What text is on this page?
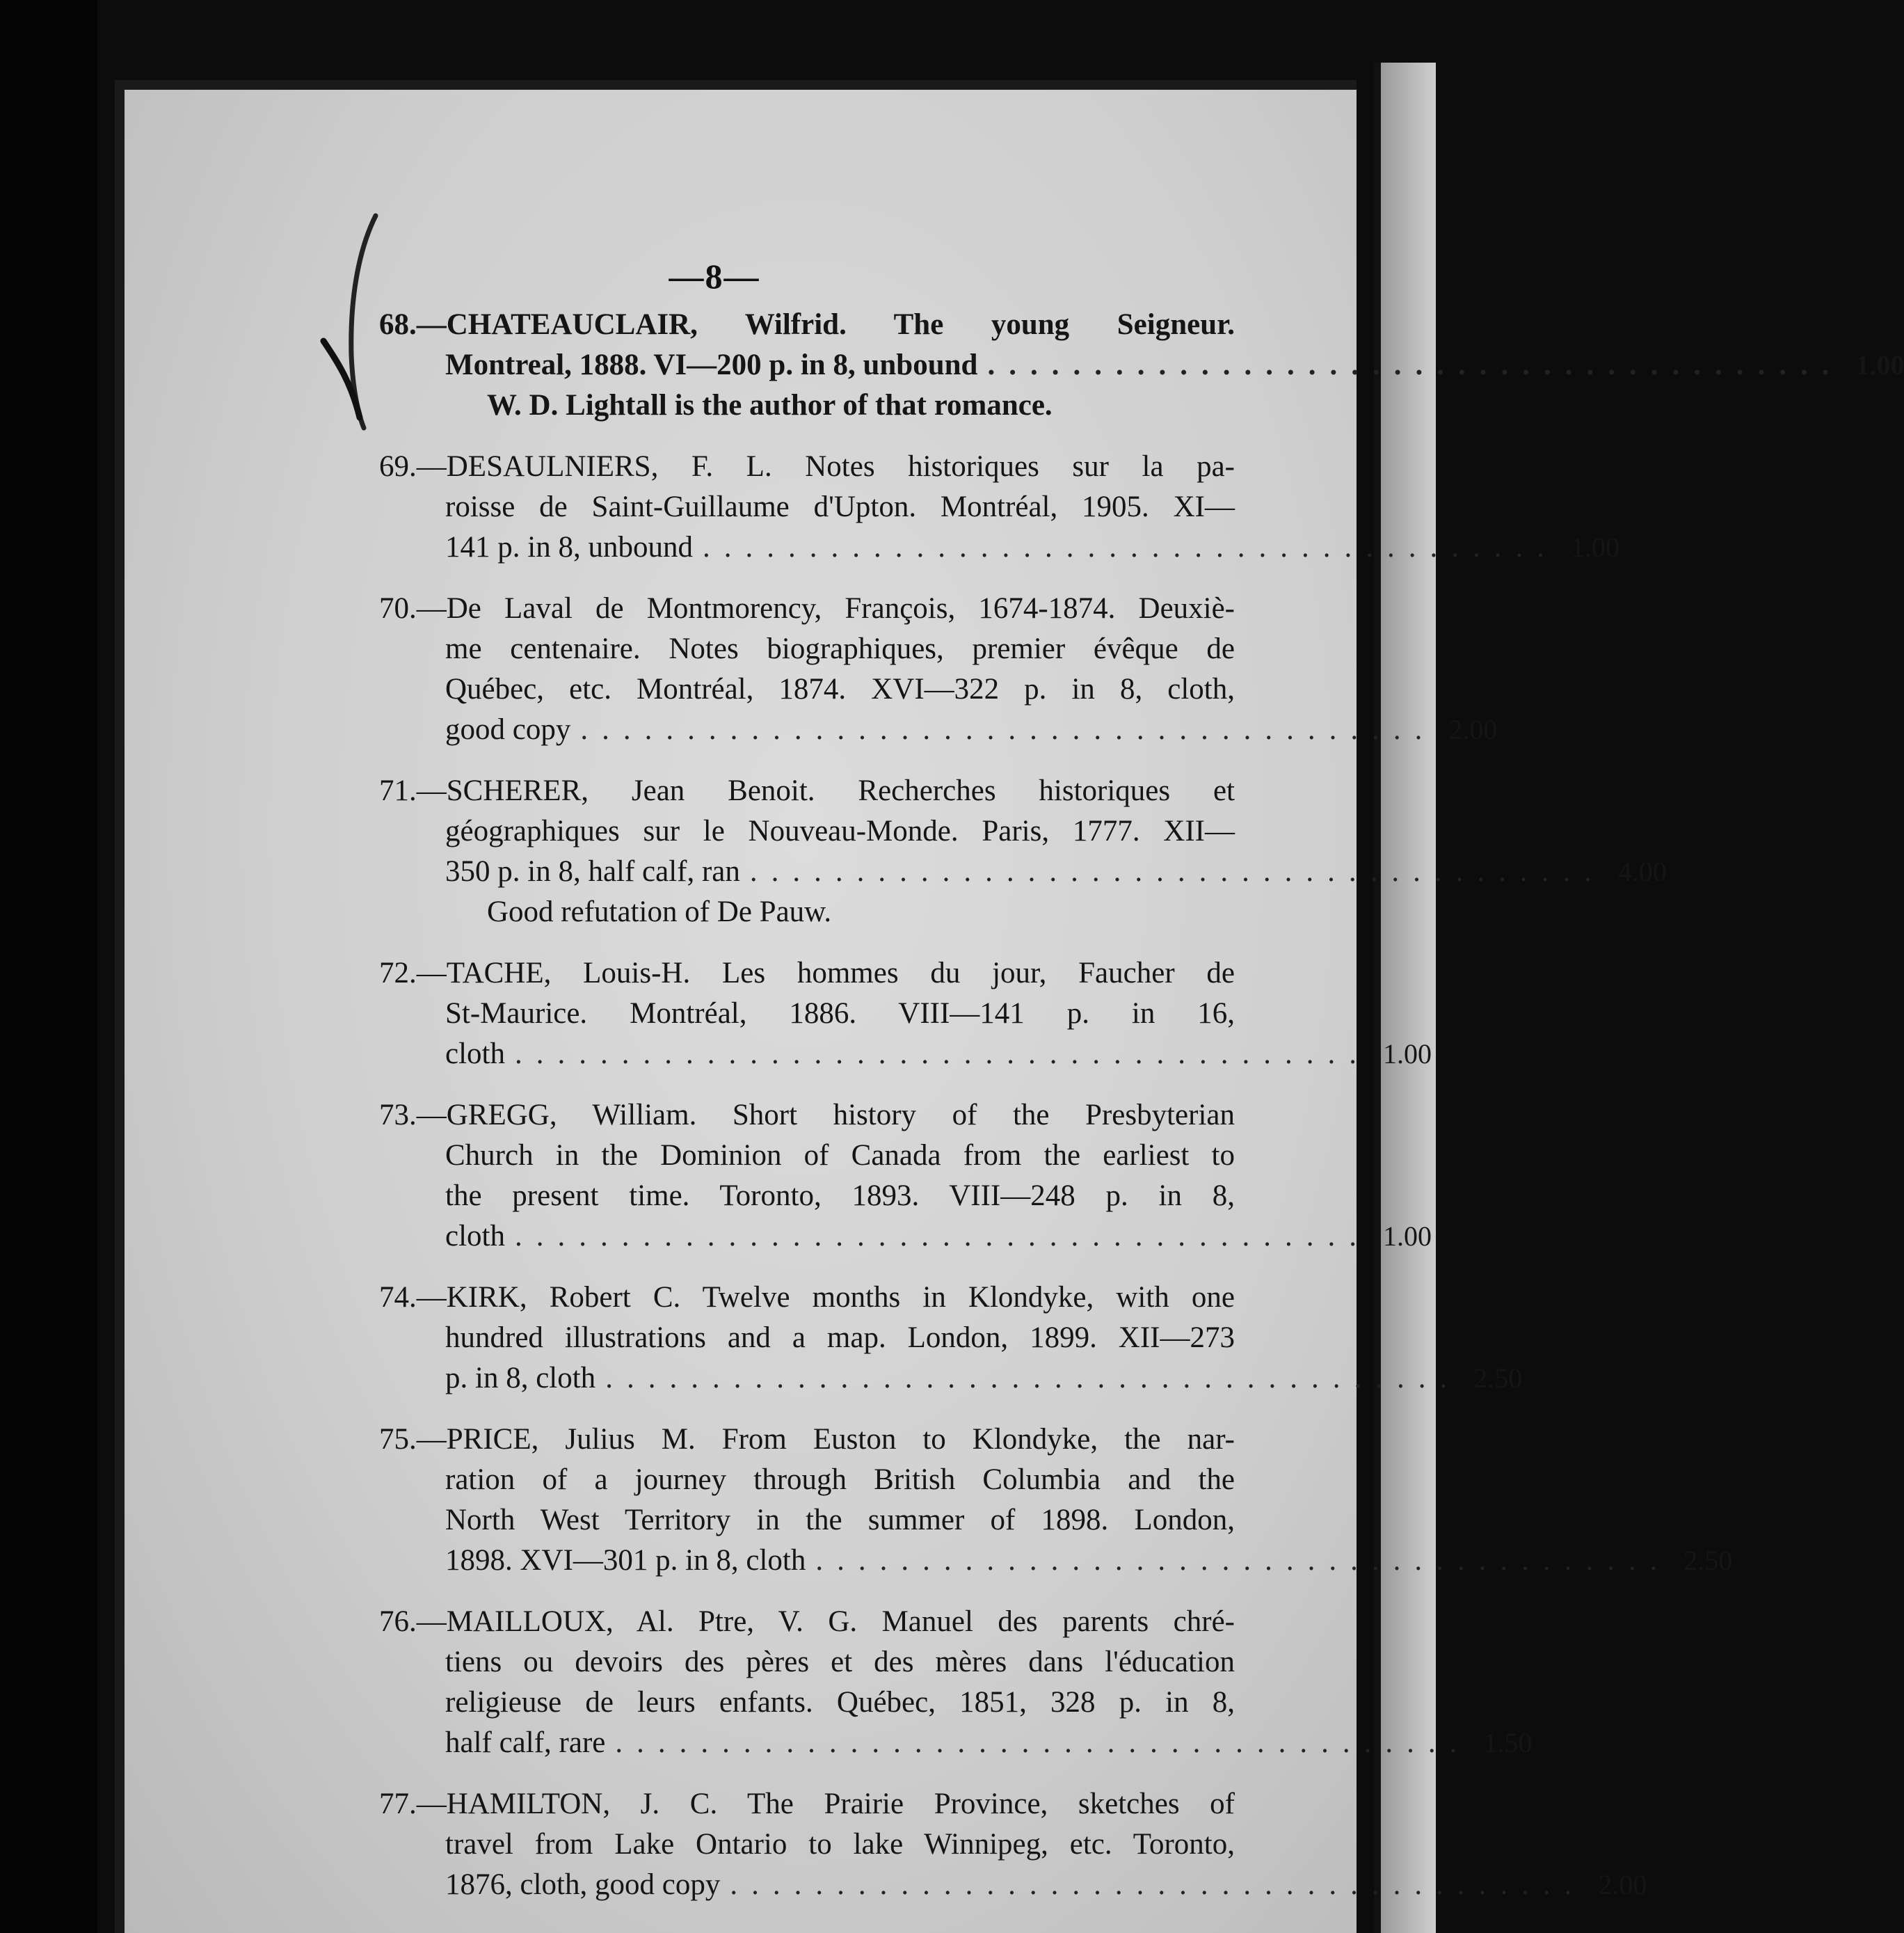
—8—
68.—CHATEAUCLAIR, Wilfrid. The young Seigneur.
Montreal, 1888. VI—200 p. in 8, unbound ........................................ 1.00
W. D. Lightall is the author of that romance.
69.—DESAULNIERS, F. L. Notes historiques sur la pa-
roisse de Saint-Guillaume d'Upton. Montréal, 1905. XI—
141 p. in 8, unbound ........................................ 1.00
70.—De Laval de Montmorency, François, 1674-1874. Deuxiè-
me centenaire. Notes biographiques, premier évêque de
Québec, etc. Montréal, 1874. XVI—322 p. in 8, cloth,
good copy ........................................ 2.00
71.—SCHERER, Jean Benoit. Recherches historiques et
géographiques sur le Nouveau-Monde. Paris, 1777. XII—
350 p. in 8, half calf, ran ........................................ 4.00
Good refutation of De Pauw.
72.—TACHE, Louis-H. Les hommes du jour, Faucher de
St-Maurice. Montréal, 1886. VIII—141 p. in 16,
cloth ........................................ 1.00
73.—GREGG, William. Short history of the Presbyterian
Church in the Dominion of Canada from the earliest to
the present time. Toronto, 1893. VIII—248 p. in 8,
cloth ........................................ 1.00
74.—KIRK, Robert C. Twelve months in Klondyke, with one
hundred illustrations and a map. London, 1899. XII—273
p. in 8, cloth ........................................ 2.50
75.—PRICE, Julius M. From Euston to Klondyke, the nar-
ration of a journey through British Columbia and the
North West Territory in the summer of 1898. London,
1898. XVI—301 p. in 8, cloth ........................................ 2.50
76.—MAILLOUX, Al. Ptre, V. G. Manuel des parents chré-
tiens ou devoirs des pères et des mères dans l'éducation
religieuse de leurs enfants. Québec, 1851, 328 p. in 8,
half calf, rare ........................................ 1.50
77.—HAMILTON, J. C. The Prairie Province, sketches of
travel from Lake Ontario to lake Winnipeg, etc. Toronto,
1876, cloth, good copy ........................................ 2.00
